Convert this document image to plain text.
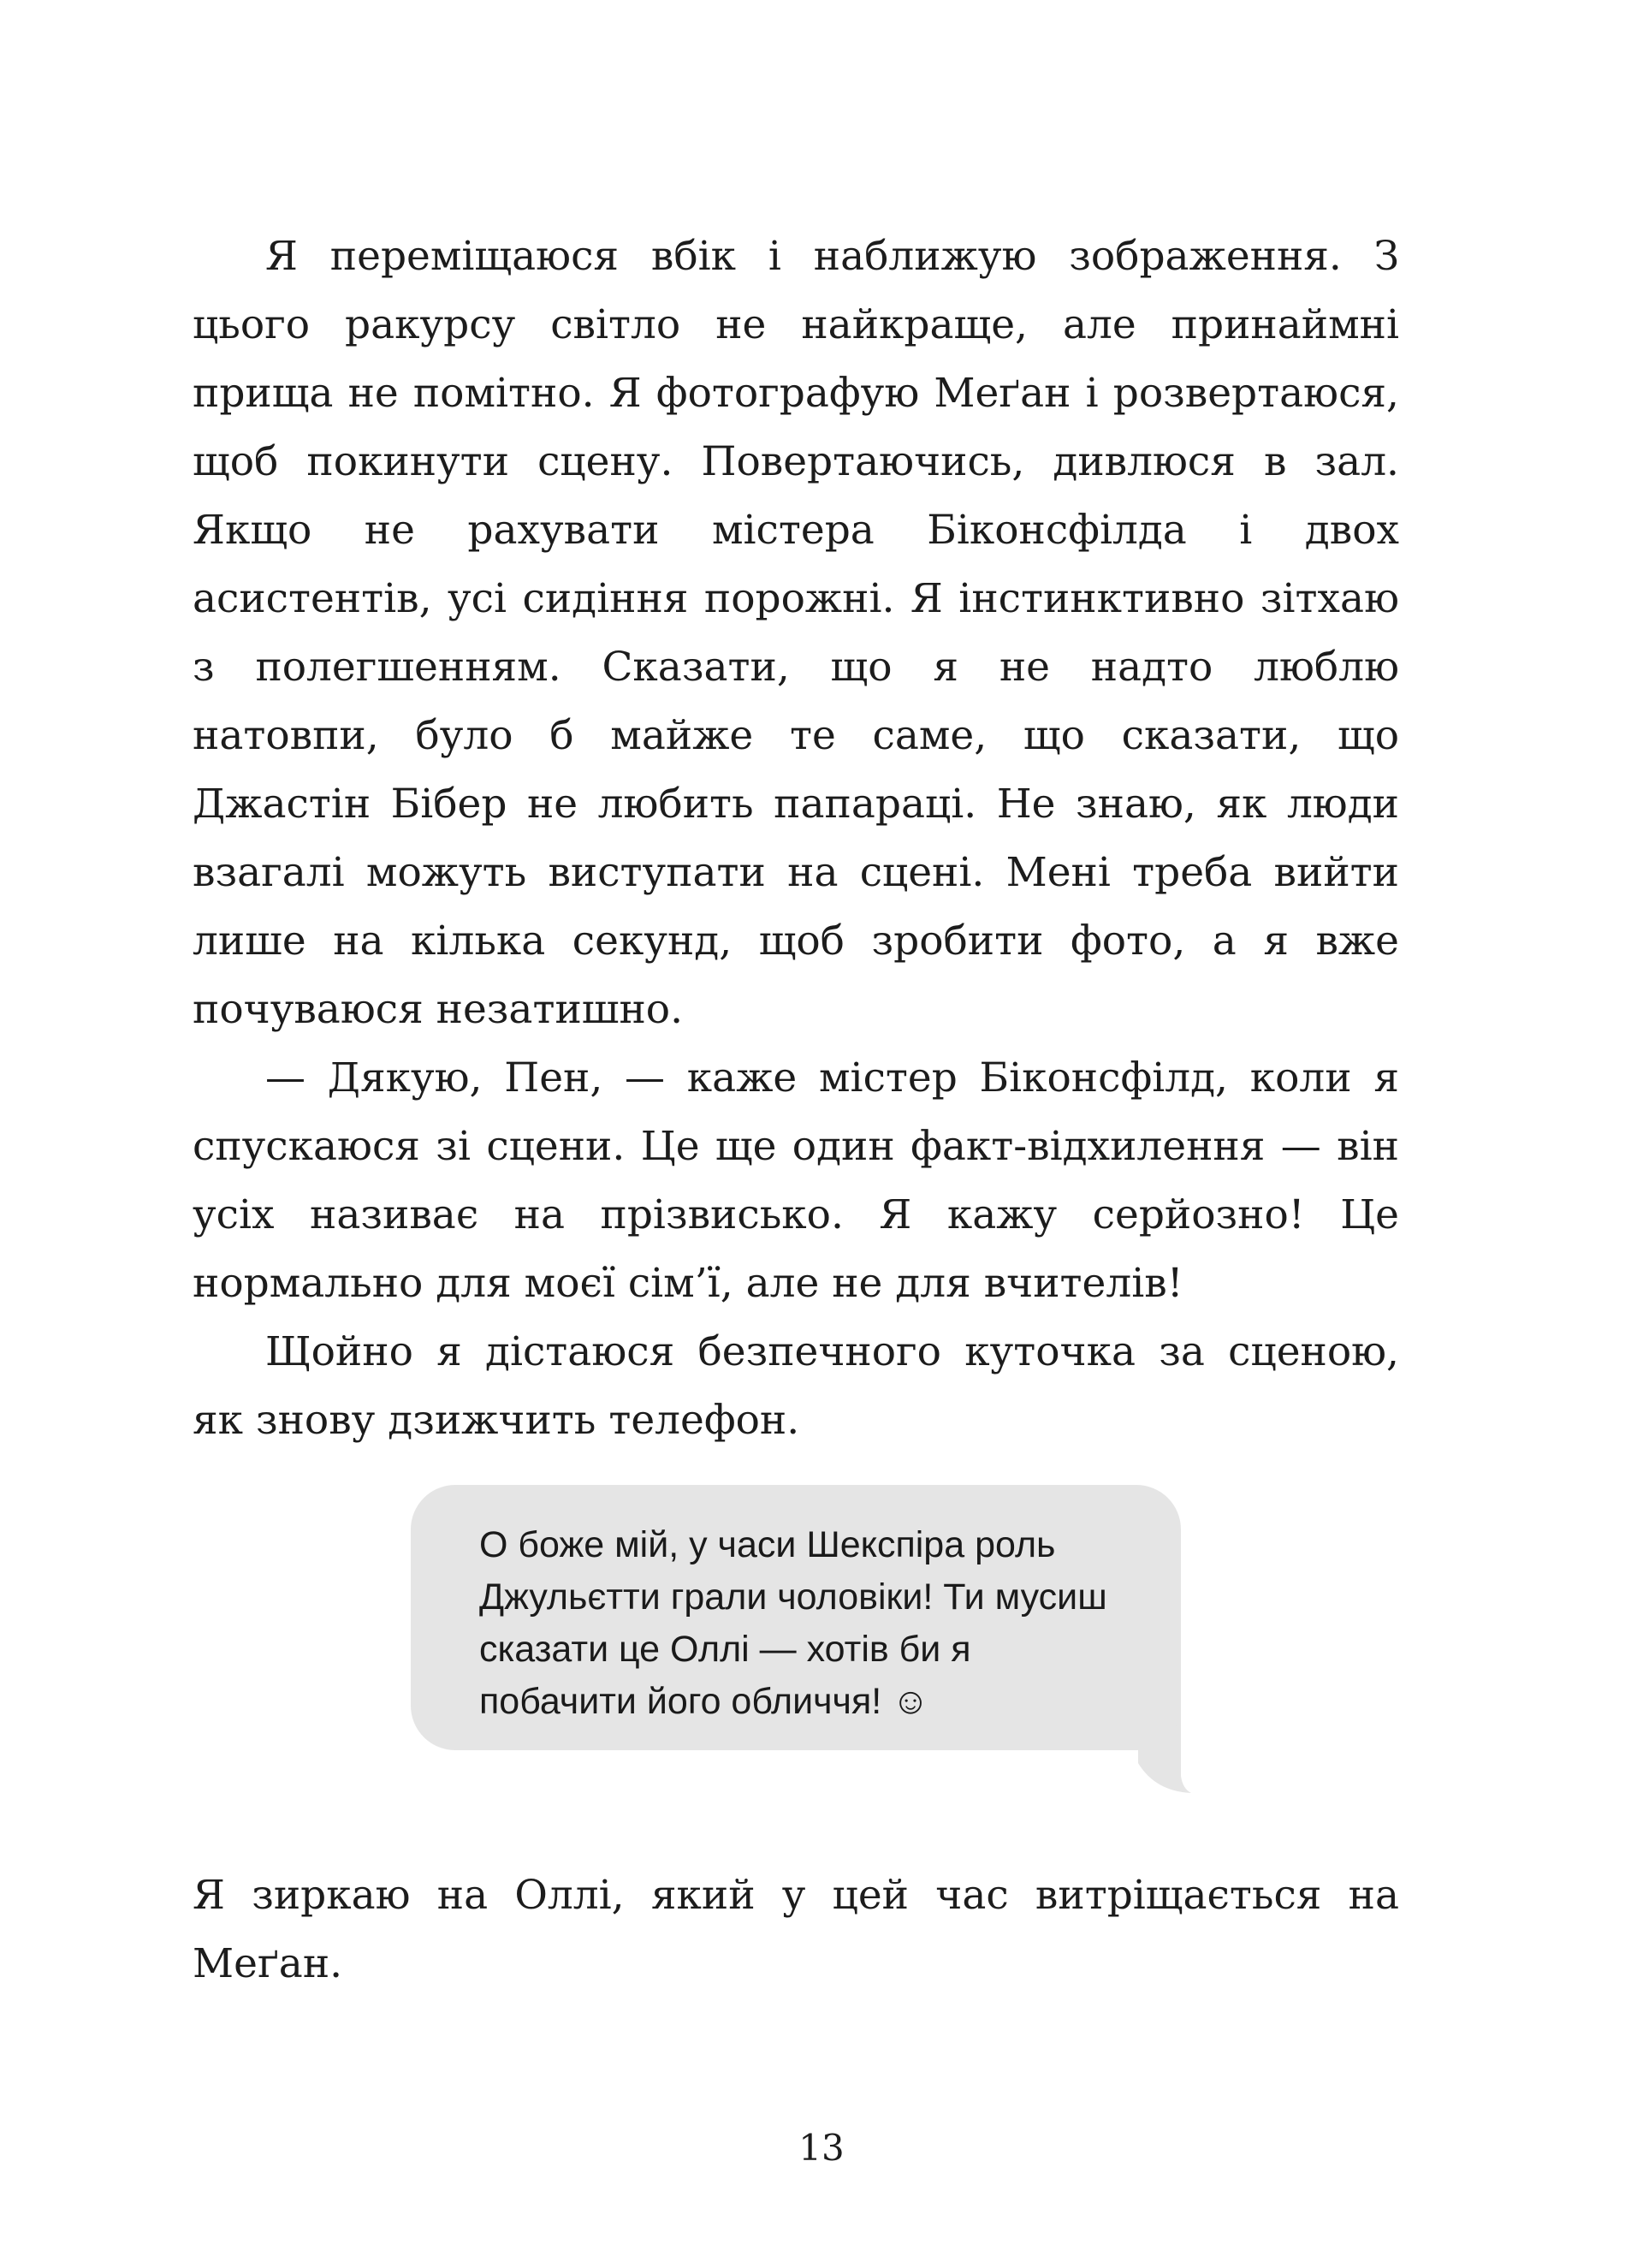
Я переміщаюся вбік і наближую зображення. З цього ракурсу світло не найкраще, але принаймні прища не помітно. Я фотографую Меґан і розвертаюся, щоб покинути сцену. Повертаючись, дивлюся в зал. Якщо не рахувати містера Біконсфілда і двох асистентів, усі сидіння порожні. Я інстинктивно зітхаю з полегшенням. Сказати, що я не надто люблю натовпи, було б майже те саме, що сказати, що Джастін Бібер не любить папараці. Не знаю, як люди взагалі можуть виступати на сцені. Мені треба вийти лише на кілька секунд, щоб зробити фото, а я вже почуваюся незатишно.

— Дякую, Пен, — каже містер Біконсфілд, коли я спускаюся зі сцени. Це ще один факт-відхилення — він усіх називає на прізвисько. Я кажу серйозно! Це нормально для моєї сім’ї, але не для вчителів!

Щойно я дістаюся безпечного куточка за сценою, як знову дзижчить телефон.

О боже мій, у часи Шекспіра роль Джульєтти грали чоловіки! Ти мусиш сказати це Оллі — хотів би я побачити його обличчя! ☺

Я зиркаю на Оллі, який у цей час витріщається на Меґан.

13
